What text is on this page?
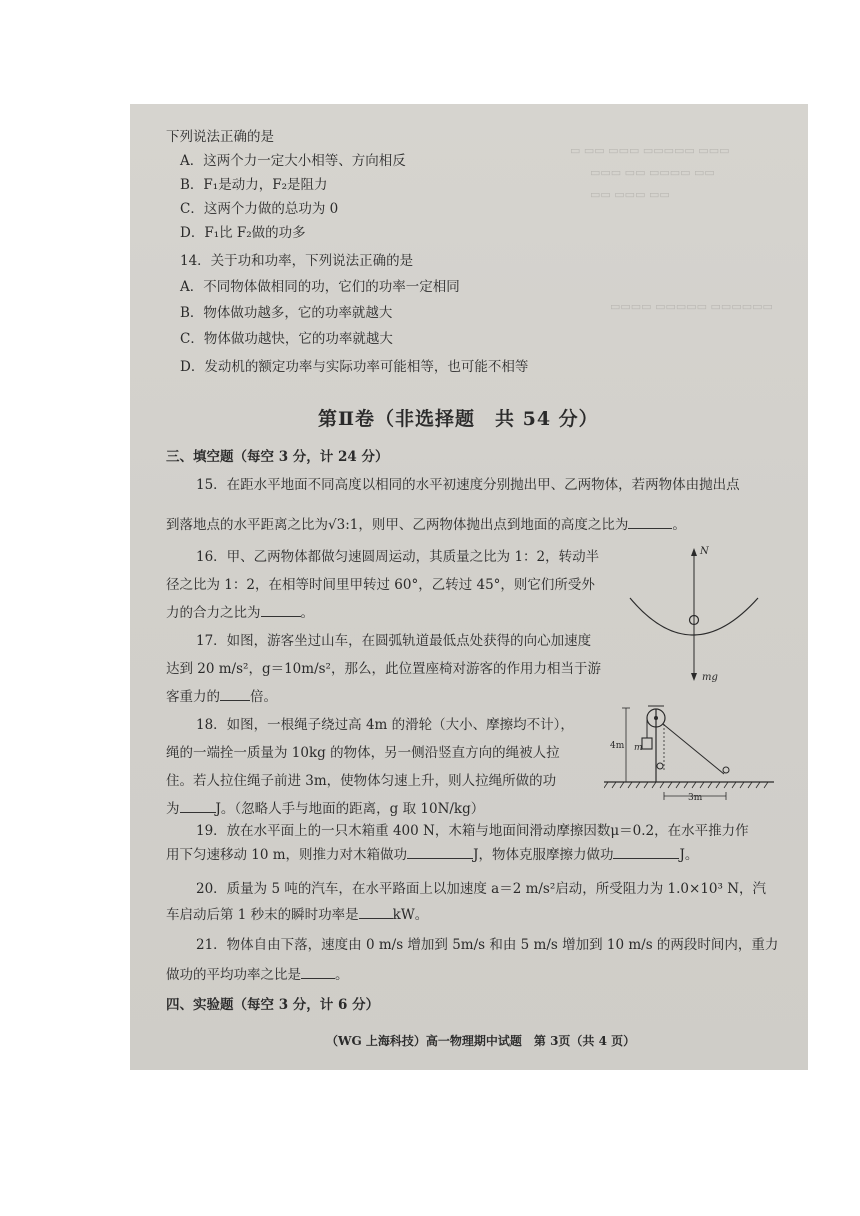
▭ ▭▭ ▭▭▭ ▭▭▭▭▭ ▭▭▭
▭▭▭ ▭▭ ▭▭▭▭ ▭▭
▭▭ ▭▭▭ ▭▭
▭▭▭▭ ▭▭▭▭▭ ▭▭▭▭▭▭
下列说法正确的是
A．这两个力一定大小相等、方向相反
B．F₁是动力，F₂是阻力
C．这两个力做的总功为 0
D．F₁比 F₂做的功多
14．关于功和功率，下列说法正确的是
A．不同物体做相同的功，它们的功率一定相同
B．物体做功越多，它的功率就越大
C．物体做功越快，它的功率就越大
D．发动机的额定功率与实际功率可能相等，也可能不相等
第Ⅱ卷（非选择题　共 54 分）
三、填空题（每空 3 分，计 24 分）
15．在距水平地面不同高度以相同的水平初速度分别抛出甲、乙两物体，若两物体由抛出点
到落地点的水平距离之比为√3:1，则甲、乙两物体抛出点到地面的高度之比为	。
16．甲、乙两物体都做匀速圆周运动，其质量之比为 1：2，转动半
径之比为 1：2，在相等时间里甲转过 60°，乙转过 45°，则它们所受外
力的合力之比为	。
17．如图，游客坐过山车，在圆弧轨道最低点处获得的向心加速度
达到 20 m/s²，g＝10m/s²，那么，此位置座椅对游客的作用力相当于游
客重力的 倍。
18．如图，一根绳子绕过高 4m 的滑轮（大小、摩擦均不计），
绳的一端拴一质量为 10kg 的物体，另一侧沿竖直方向的绳被人拉
住。若人拉住绳子前进 3m，使物体匀速上升，则人拉绳所做的功
为	J。（忽略人手与地面的距离，g 取 10N/kg）
19．放在水平面上的一只木箱重 400 N，木箱与地面间滑动摩擦因数μ＝0.2，在水平推力作
用下匀速移动 10 m，则推力对木箱做功	J，物体克服摩擦力做功	J。
20．质量为 5 吨的汽车，在水平路面上以加速度 a＝2 m/s²启动，所受阻力为 1.0×10³ N，汽
车启动后第 1 秒末的瞬时功率是	kW。
21．物体自由下落，速度由 0 m/s 增加到 5m/s 和由 5 m/s 增加到 10 m/s 的两段时间内，重力
做功的平均功率之比是	。
四、实验题（每空 3 分，计 6 分）
（WG 上海科技）高一物理期中试题　第 3页（共 4 页）
N
mg
4m m
3m
